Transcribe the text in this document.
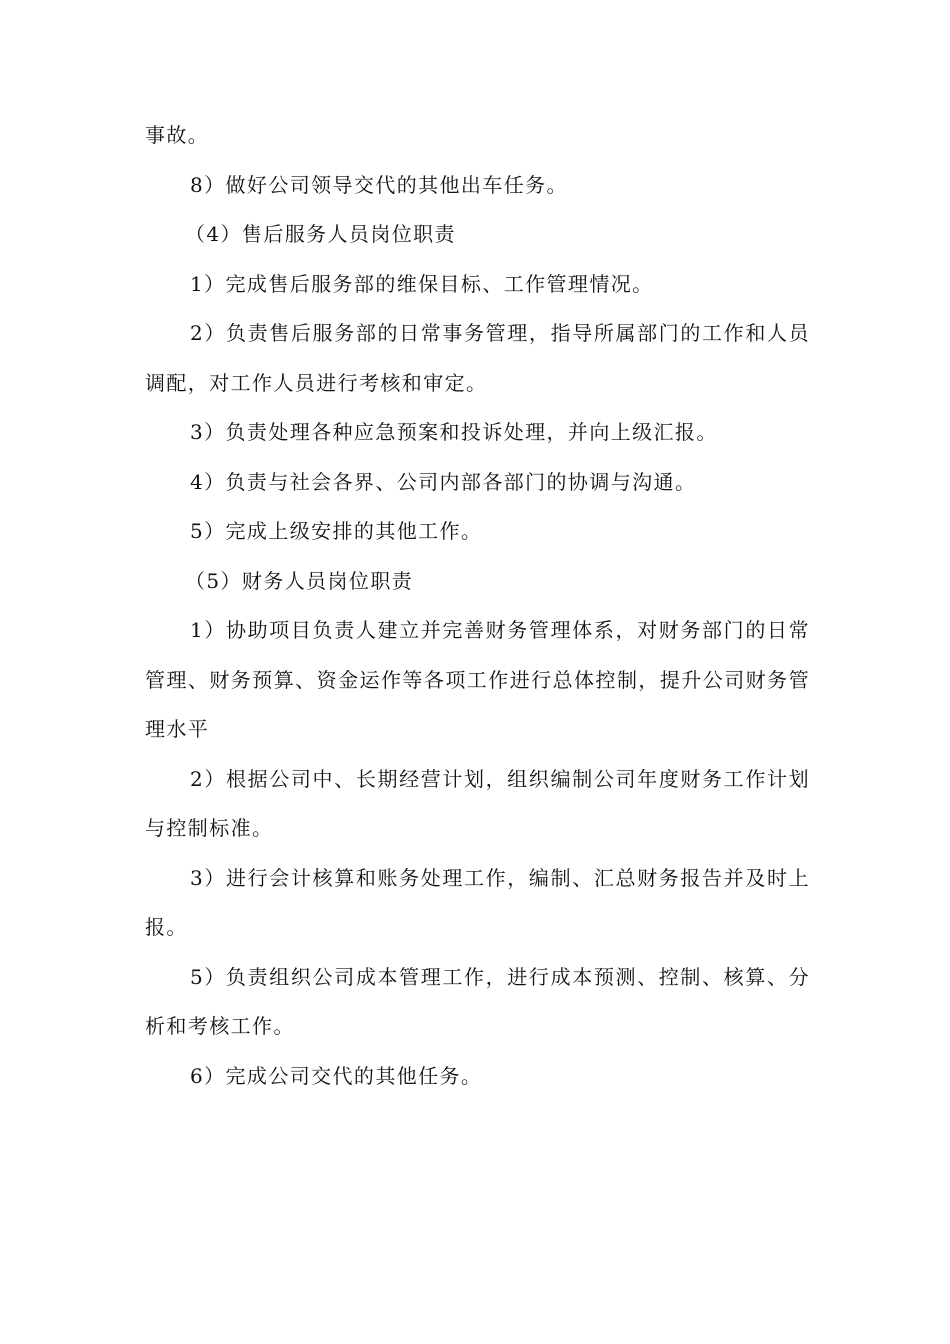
事故。

8）做好公司领导交代的其他出车任务。

（4）售后服务人员岗位职责

1）完成售后服务部的维保目标、工作管理情况。

2）负责售后服务部的日常事务管理，指导所属部门的工作和人员调配，对工作人员进行考核和审定。

3）负责处理各种应急预案和投诉处理，并向上级汇报。

4）负责与社会各界、公司内部各部门的协调与沟通。

5）完成上级安排的其他工作。

（5）财务人员岗位职责

1）协助项目负责人建立并完善财务管理体系，对财务部门的日常管理、财务预算、资金运作等各项工作进行总体控制，提升公司财务管理水平

2）根据公司中、长期经营计划，组织编制公司年度财务工作计划与控制标准。

3）进行会计核算和账务处理工作，编制、汇总财务报告并及时上报。

5）负责组织公司成本管理工作，进行成本预测、控制、核算、分析和考核工作。

6）完成公司交代的其他任务。
